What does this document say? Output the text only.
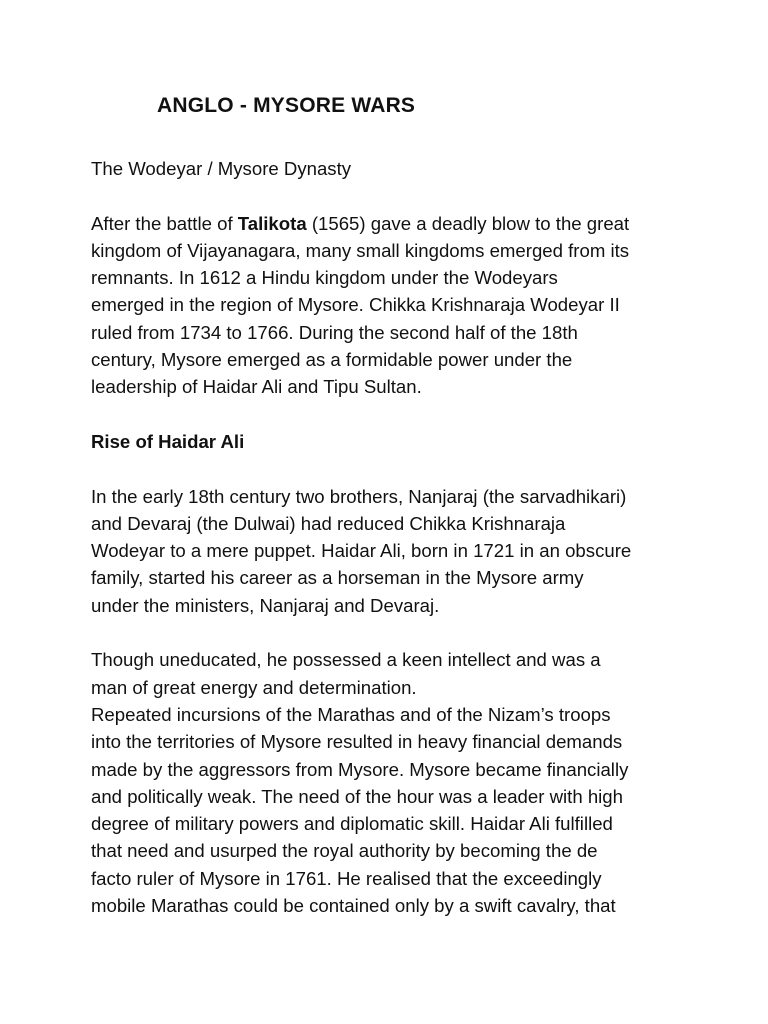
ANGLO - MYSORE WARS

The Wodeyar / Mysore Dynasty

After the battle of Talikota (1565) gave a deadly blow to the great
kingdom of Vijayanagara, many small kingdoms emerged from its
remnants. In 1612 a Hindu kingdom under the Wodeyars
emerged in the region of Mysore. Chikka Krishnaraja Wodeyar II
ruled from 1734 to 1766. During the second half of the 18th
century, Mysore emerged as a formidable power under the
leadership of Haidar Ali and Tipu Sultan.

Rise of Haidar Ali

In the early 18th century two brothers, Nanjaraj (the sarvadhikari)
and Devaraj (the Dulwai) had reduced Chikka Krishnaraja
Wodeyar to a mere puppet. Haidar Ali, born in 1721 in an obscure
family, started his career as a horseman in the Mysore army
under the ministers, Nanjaraj and Devaraj.

Though uneducated, he possessed a keen intellect and was a
man of great energy and determination.

Repeated incursions of the Marathas and of the Nizam’s troops
into the territories of Mysore resulted in heavy financial demands
made by the aggressors from Mysore. Mysore became financially
and politically weak. The need of the hour was a leader with high
degree of military powers and diplomatic skill. Haidar Ali fulfilled
that need and usurped the royal authority by becoming the de
facto ruler of Mysore in 1761. He realised that the exceedingly
mobile Marathas could be contained only by a swift cavalry, that
